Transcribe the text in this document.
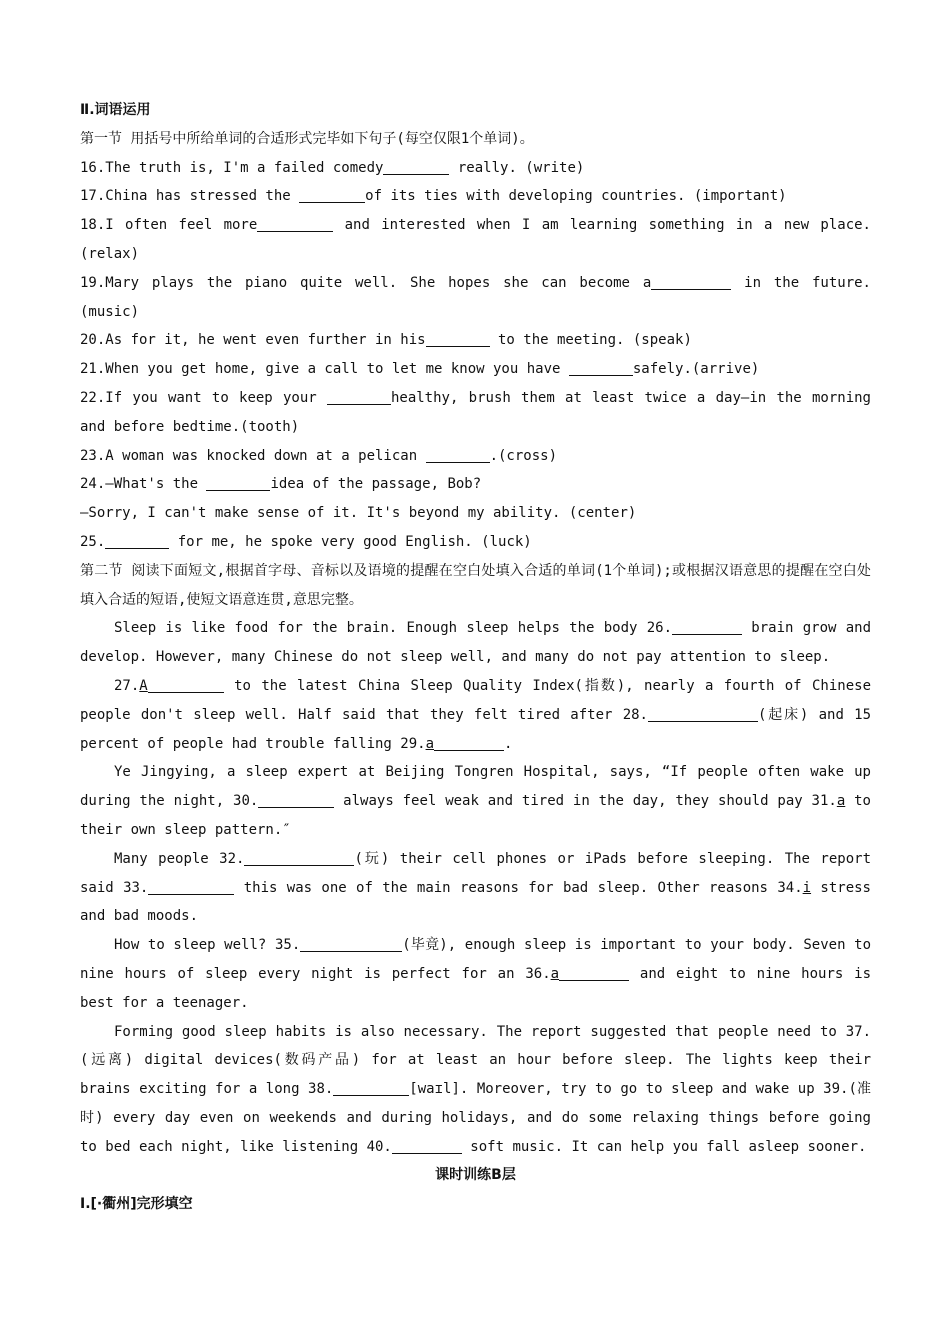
Ⅱ.词语运用

第一节 用括号中所给单词的合适形式完毕如下句子(每空仅限1个单词)。

16.The truth is, I'm a failed comedy	really. (write)

17.China has stressed the	of its ties with developing countries. (important)

18.I often feel more	and interested when I am learning something in a new place. (relax)

19.Mary plays the piano quite well. She hopes she can become a	in the future. (music)

20.As for it, he went even further in his	to the meeting. (speak)

21.When you get home, give a call to let me know you have	safely.(arrive)

22.If you want to keep your	healthy, brush them at least twice a day—in the morning and before bedtime.(tooth)

23.A woman was knocked down at a pelican	.(cross)

24.—What's the	idea of the passage, Bob?

—Sorry, I can't make sense of it. It's beyond my ability. (center)

25.	for me, he spoke very good English. (luck)

第二节 阅读下面短文,根据首字母、音标以及语境的提醒在空白处填入合适的单词(1个单词);或根据汉语意思的提醒在空白处填入合适的短语,使短文语意连贯,意思完整。

Sleep is like food for the brain. Enough sleep helps the body 26.	brain grow and develop. However, many Chinese do not sleep well, and many do not pay attention to sleep.

27.A	to the latest China Sleep Quality Index(指数), nearly a fourth of Chinese people don't sleep well. Half said that they felt tired after 28.	(起床) and 15 percent of people had trouble falling 29.a	.

Ye Jingying, a sleep expert at Beijing Tongren Hospital, says, “If people often wake up during the night, 30.	always feel weak and tired in the day, they should pay 31.a to their own sleep pattern.″

Many people 32.	(玩) their cell phones or iPads before sleeping. The report said 33.	this was one of the main reasons for bad sleep. Other reasons 34.i stress and bad moods.

How to sleep well? 35.	(毕竟), enough sleep is important to your body. Seven to nine hours of sleep every night is perfect for an 36.a	and eight to nine hours is best for a teenager.

Forming good sleep habits is also necessary. The report suggested that people need to 37.(远离) digital devices(数码产品) for at least an hour before sleep. The lights keep their brains exciting for a long 38.	[waɪl]. Moreover, try to go to sleep and wake up 39.(准时) every day even on weekends and during holidays, and do some relaxing things before going to bed each night, like listening 40.	soft music. It can help you fall asleep sooner.

课时训练B层

Ⅰ.[·衢州]完形填空
